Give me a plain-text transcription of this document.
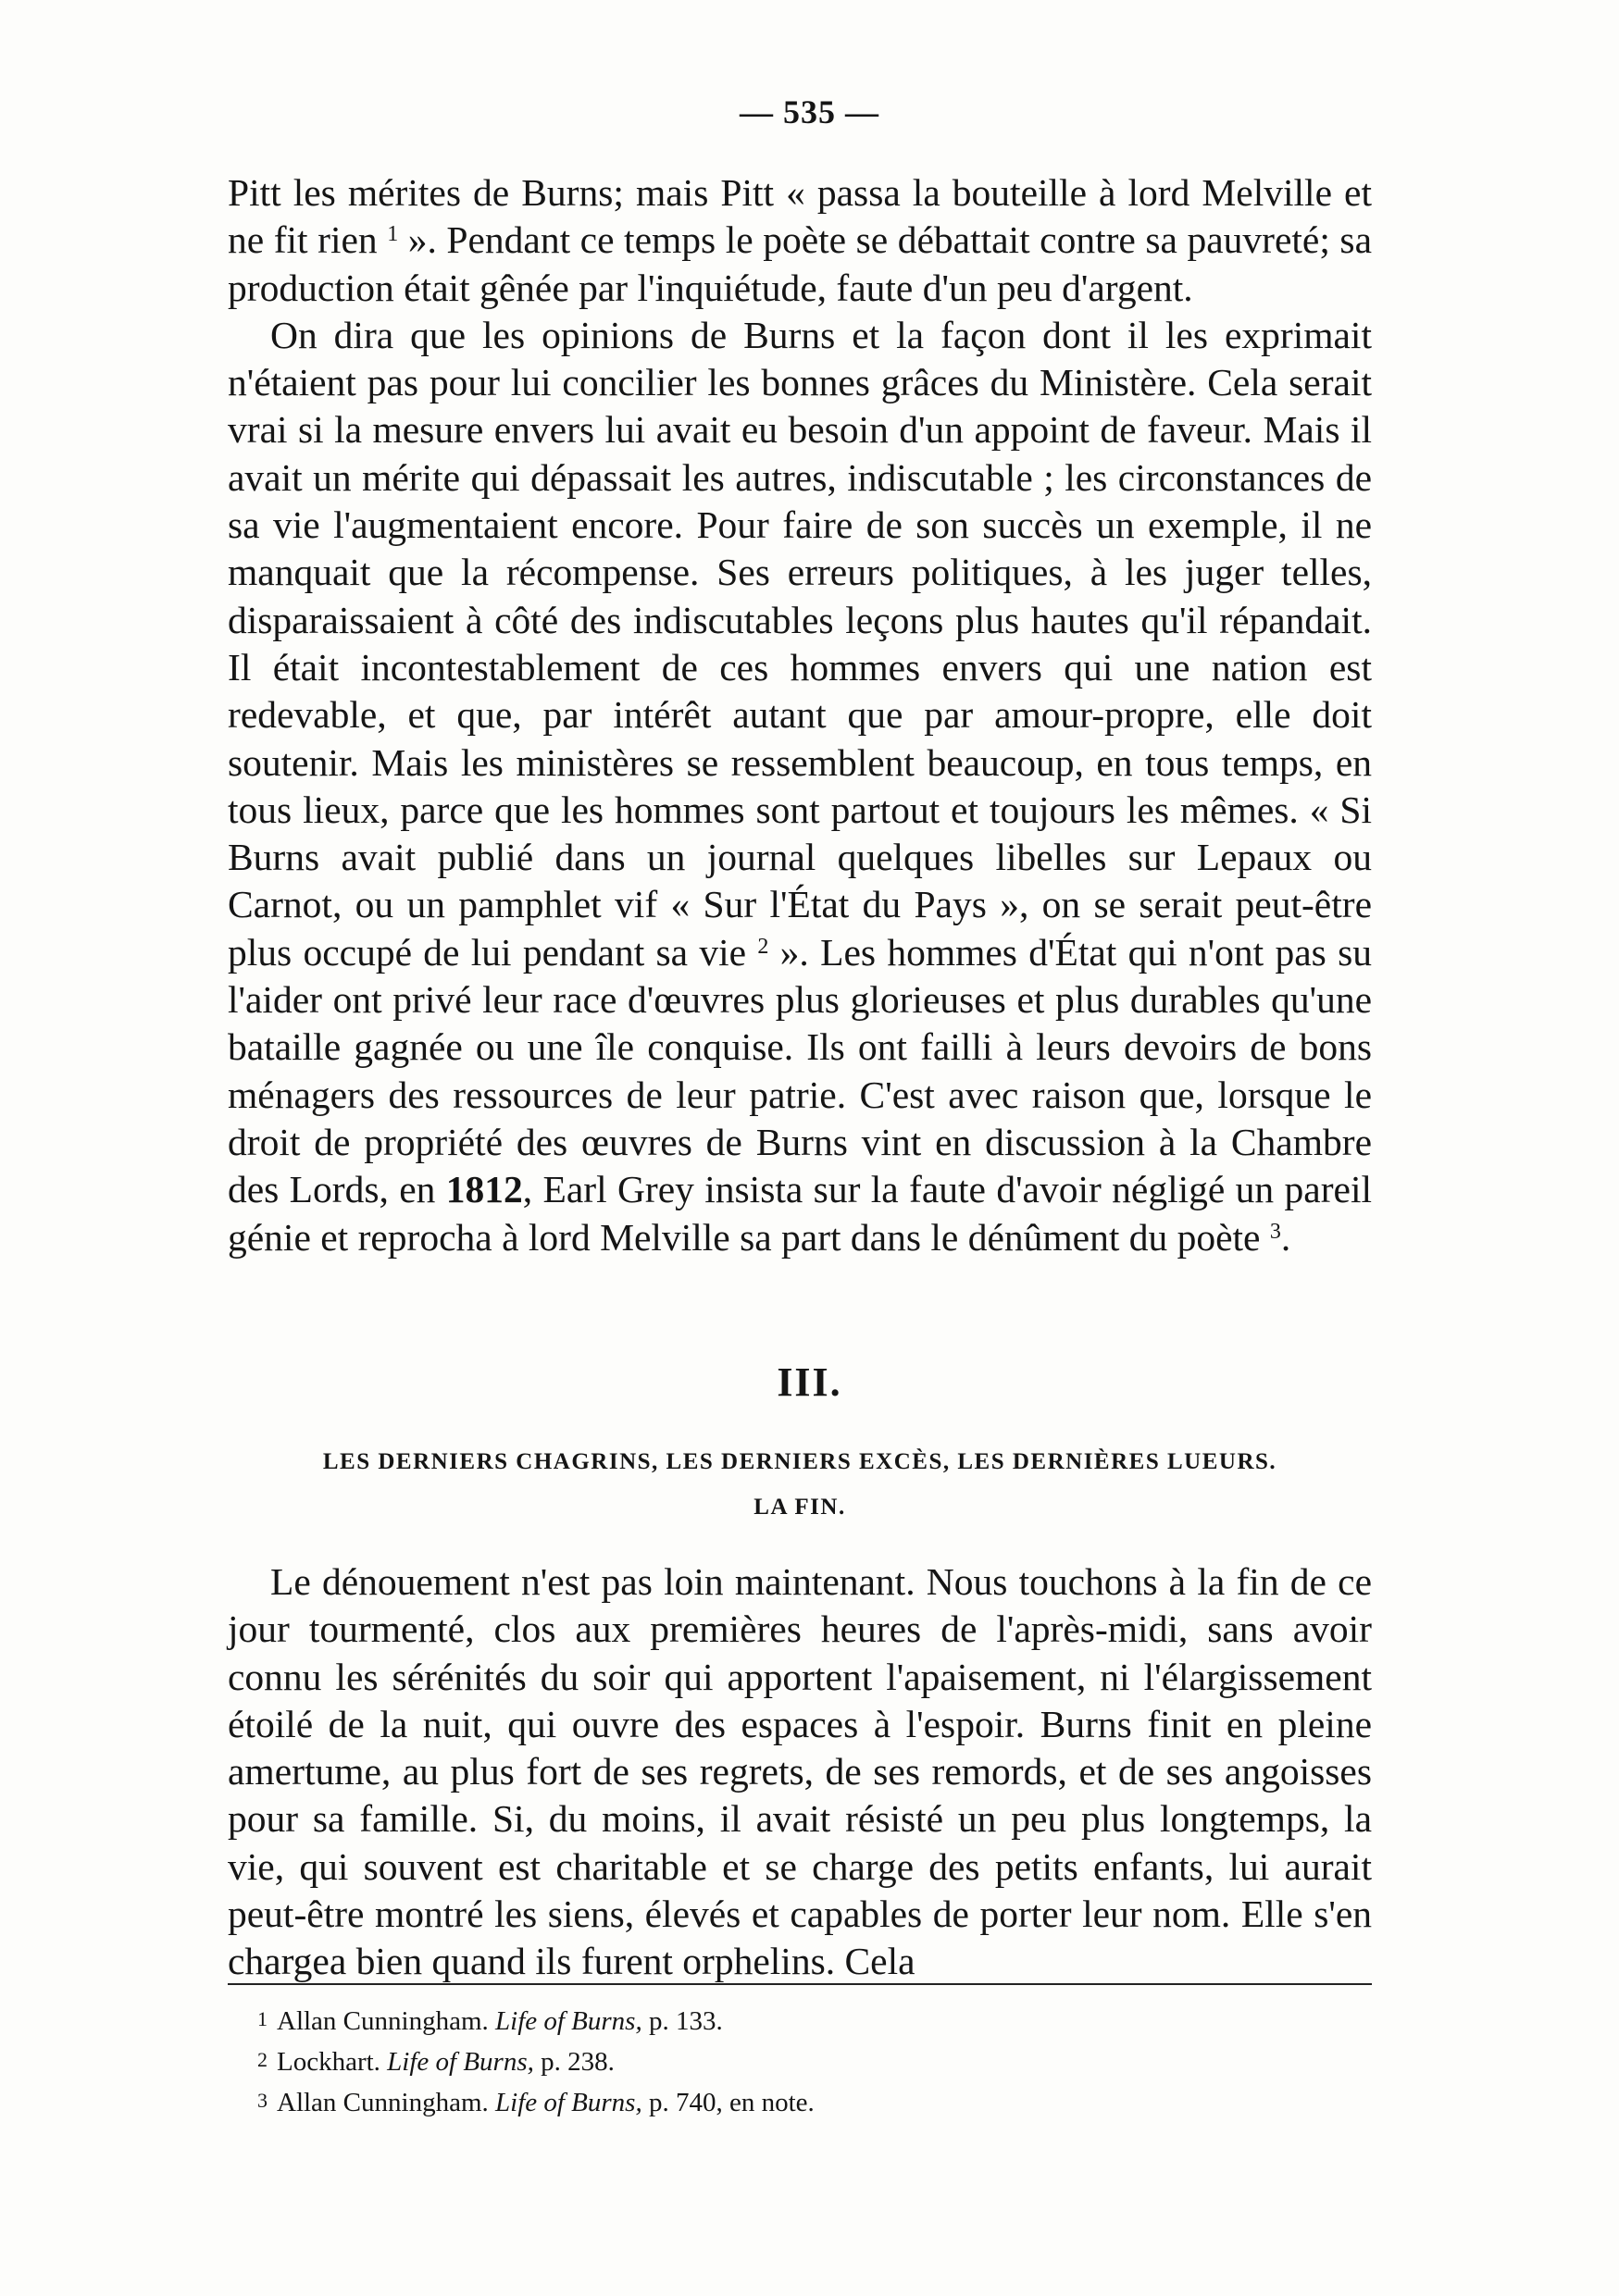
— 535 —

Pitt les mérites de Burns; mais Pitt « passa la bouteille à lord Melville et ne fit rien $^1$ ». Pendant ce temps le poète se débattait contre sa pauvreté; sa production était gênée par l'inquiétude, faute d'un peu d'argent.

On dira que les opinions de Burns et la façon dont il les exprimait n'étaient pas pour lui concilier les bonnes grâces du Ministère. Cela serait vrai si la mesure envers lui avait eu besoin d'un appoint de faveur. Mais il avait un mérite qui dépassait les autres, indiscutable ; les circonstances de sa vie l'augmentaient encore. Pour faire de son succès un exemple, il ne manquait que la récompense. Ses erreurs politiques, à les juger telles, disparaissaient à côté des indiscutables leçons plus hautes qu'il répandait. Il était incontestablement de ces hommes envers qui une nation est redevable, et que, par intérêt autant que par amour-propre, elle doit soutenir. Mais les ministères se ressemblent beaucoup, en tous temps, en tous lieux, parce que les hommes sont partout et toujours les mêmes. « Si Burns avait publié dans un journal quelques libelles sur Lepaux ou Carnot, ou un pamphlet vif « Sur l'État du Pays », on se serait peut-être plus occupé de lui pendant sa vie $^2$ ». Les hommes d'État qui n'ont pas su l'aider ont privé leur race d'œuvres plus glorieuses et plus durables qu'une bataille gagnée ou une île conquise. Ils ont failli à leurs devoirs de bons ménagers des ressources de leur patrie. C'est avec raison que, lorsque le droit de propriété des œuvres de Burns vint en discussion à la Chambre des Lords, en 1812, Earl Grey insista sur la faute d'avoir négligé un pareil génie et reprocha à lord Melville sa part dans le dénûment du poète $^3$.

III.
LES DERNIERS CHAGRINS, LES DERNIERS EXCÈS, LES DERNIÈRES LUEURS.
LA FIN.

Le dénouement n'est pas loin maintenant. Nous touchons à la fin de ce jour tourmenté, clos aux premières heures de l'après-midi, sans avoir connu les sérénités du soir qui apportent l'apaisement, ni l'élargissement étoilé de la nuit, qui ouvre des espaces à l'espoir. Burns finit en pleine amertume, au plus fort de ses regrets, de ses remords, et de ses angoisses pour sa famille. Si, du moins, il avait résisté un peu plus longtemps, la vie, qui souvent est charitable et se charge des petits enfants, lui aurait peut-être montré les siens, élevés et capables de porter leur nom. Elle s'en chargea bien quand ils furent orphelins. Cela

1 Allan Cunningham. Life of Burns, p. 133.
2 Lockhart. Life of Burns, p. 238.
3 Allan Cunningham. Life of Burns, p. 740, en note.
